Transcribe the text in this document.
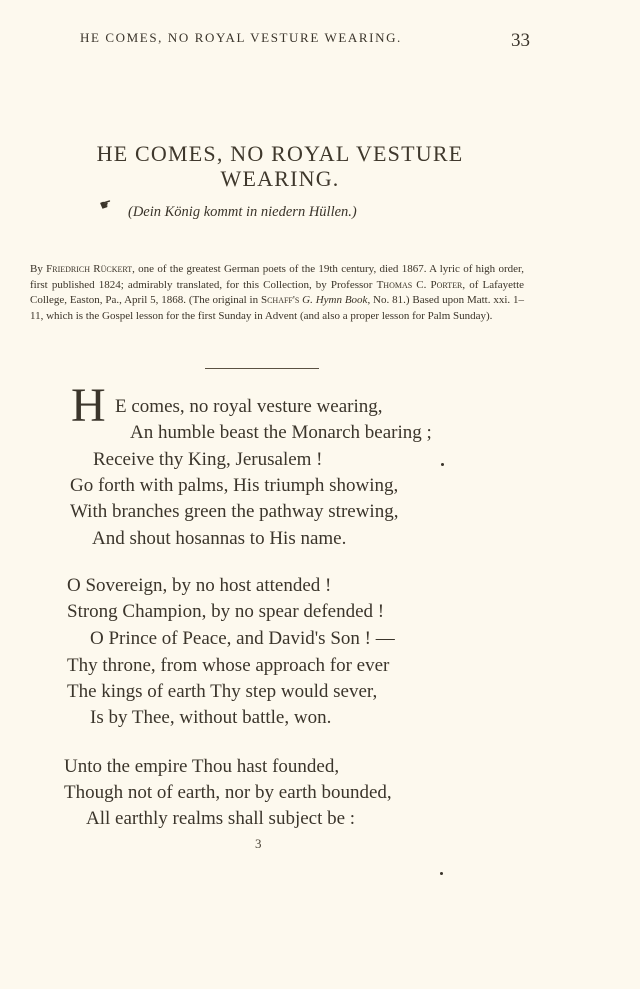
HE COMES, NO ROYAL VESTURE WEARING.	33
HE COMES, NO ROYAL VESTURE
WEARING.
☛ (Dein König kommt in niedern Hüllen.)
By Friedrich Rückert, one of the greatest German poets of the 19th century, died 1867. A lyric of high order, first published 1824; admirably translated, for this Collection, by Professor Thomas C. Porter, of Lafayette College, Easton, Pa., April 5, 1868. (The original in Schaff's G. Hymn Book, No. 81.) Based upon Matt. xxi. 1–11, which is the Gospel lesson for the first Sunday in Advent (and also a proper lesson for Palm Sunday).
H E comes, no royal vesture wearing,
An humble beast the Monarch bearing ;
Receive thy King, Jerusalem !
Go forth with palms, His triumph showing,
With branches green the pathway strewing,
And shout hosannas to His name.
O Sovereign, by no host attended !
Strong Champion, by no spear defended !
O Prince of Peace, and David's Son ! —
Thy throne, from whose approach for ever
The kings of earth Thy step would sever,
Is by Thee, without battle, won.
Unto the empire Thou hast founded,
Though not of earth, nor by earth bounded,
All earthly realms shall subject be :
3
